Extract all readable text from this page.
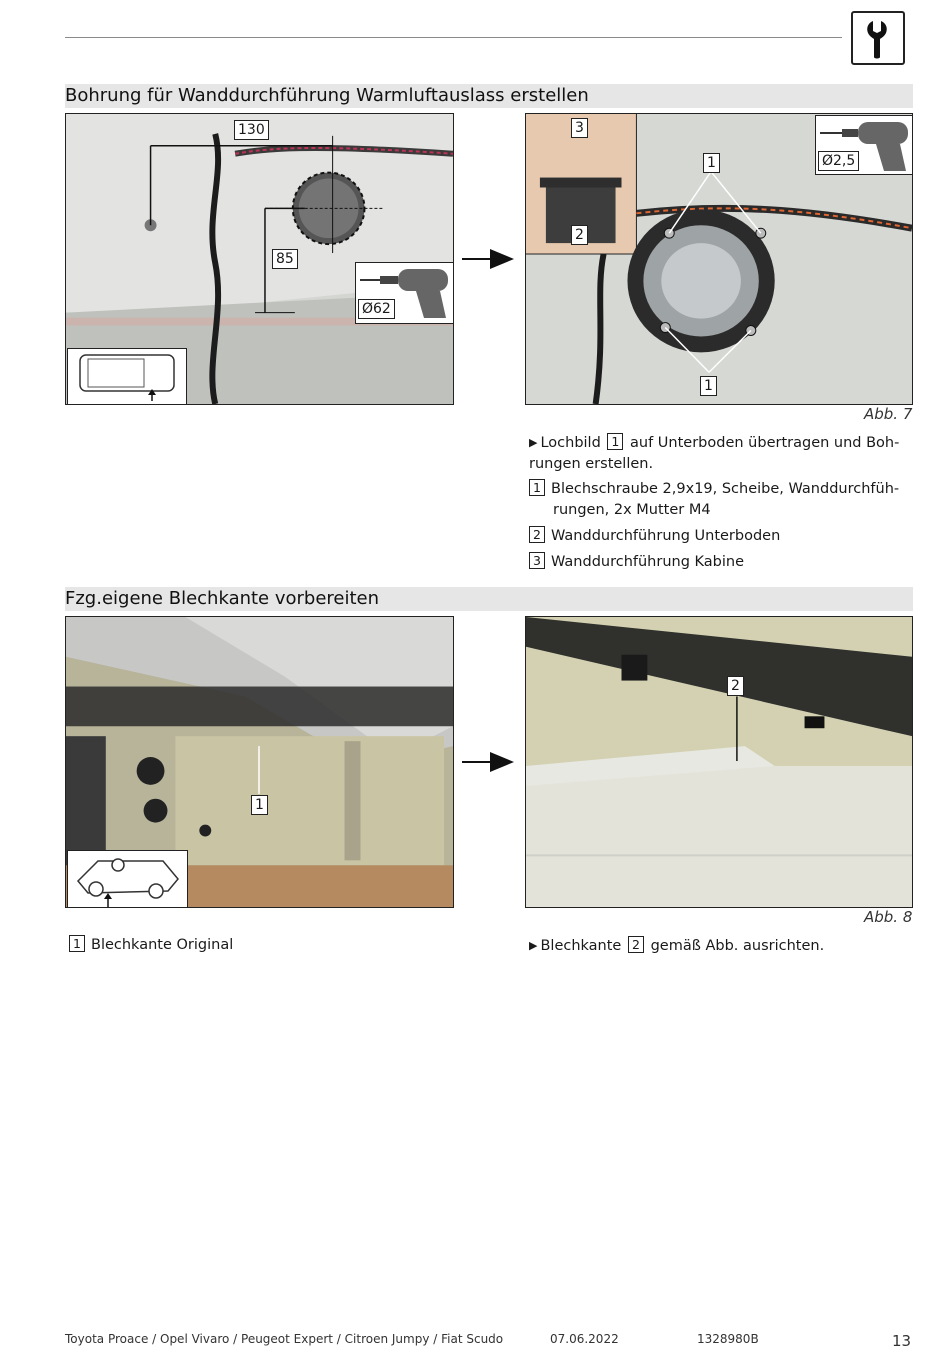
Bohrung für Wanddurchführung Warmluftauslass erstellen
130
85
Ø62
3
2
1
1
Ø2,5
Abb. 7
▶ Lochbild 1 auf Unterboden übertragen und Boh-
rungen erstellen.
1 Blechschraube 2,9x19, Scheibe, Wanddurchfüh-
rungen, 2x Mutter M4
2 Wanddurchführung Unterboden
3 Wanddurchführung Kabine
Fzg.eigene Blechkante vorbereiten
1
2
Abb. 8
1 Blechkante Original	▶ Blechkante 2 gemäß Abb. ausrichten.
Toyota Proace / Opel Vivaro / Peugeot Expert / Citroen Jumpy / Fiat Scudo	07.06.2022	1328980B	13
